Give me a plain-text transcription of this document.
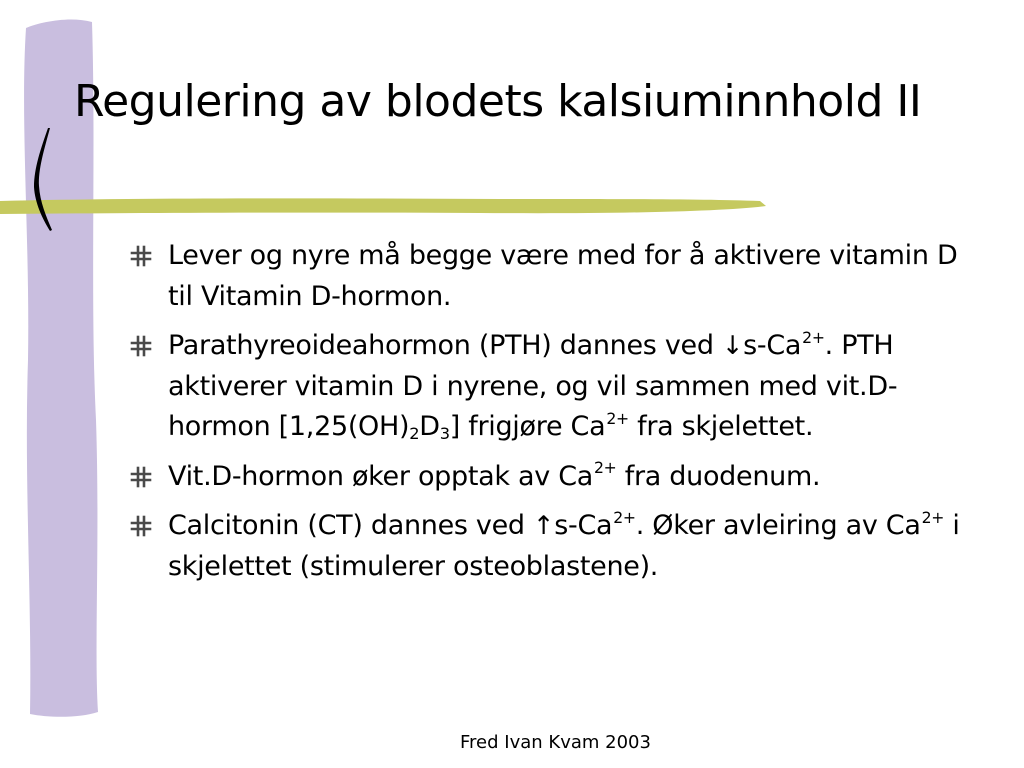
Regulering av blodets kalsiuminnhold II
Lever og nyre må begge være med for å aktivere vitamin D til Vitamin D-hormon.
Parathyreoideahormon (PTH) dannes ved $↓s-Ca^{2+}$. PTH aktiverer vitamin D i nyrene, og vil sammen med vit.D-hormon $[1,25(OH)_2D_3]$ frigjøre $Ca^{2+}$ fra skjelettet.
Vit.D-hormon øker opptak av $Ca^{2+}$ fra duodenum.
Calcitonin (CT) dannes ved $↑s-Ca^{2+}$. Øker avleiring av $Ca^{2+}$ i skjelettet (stimulerer osteoblastene).
Fred Ivan Kvam 2003
